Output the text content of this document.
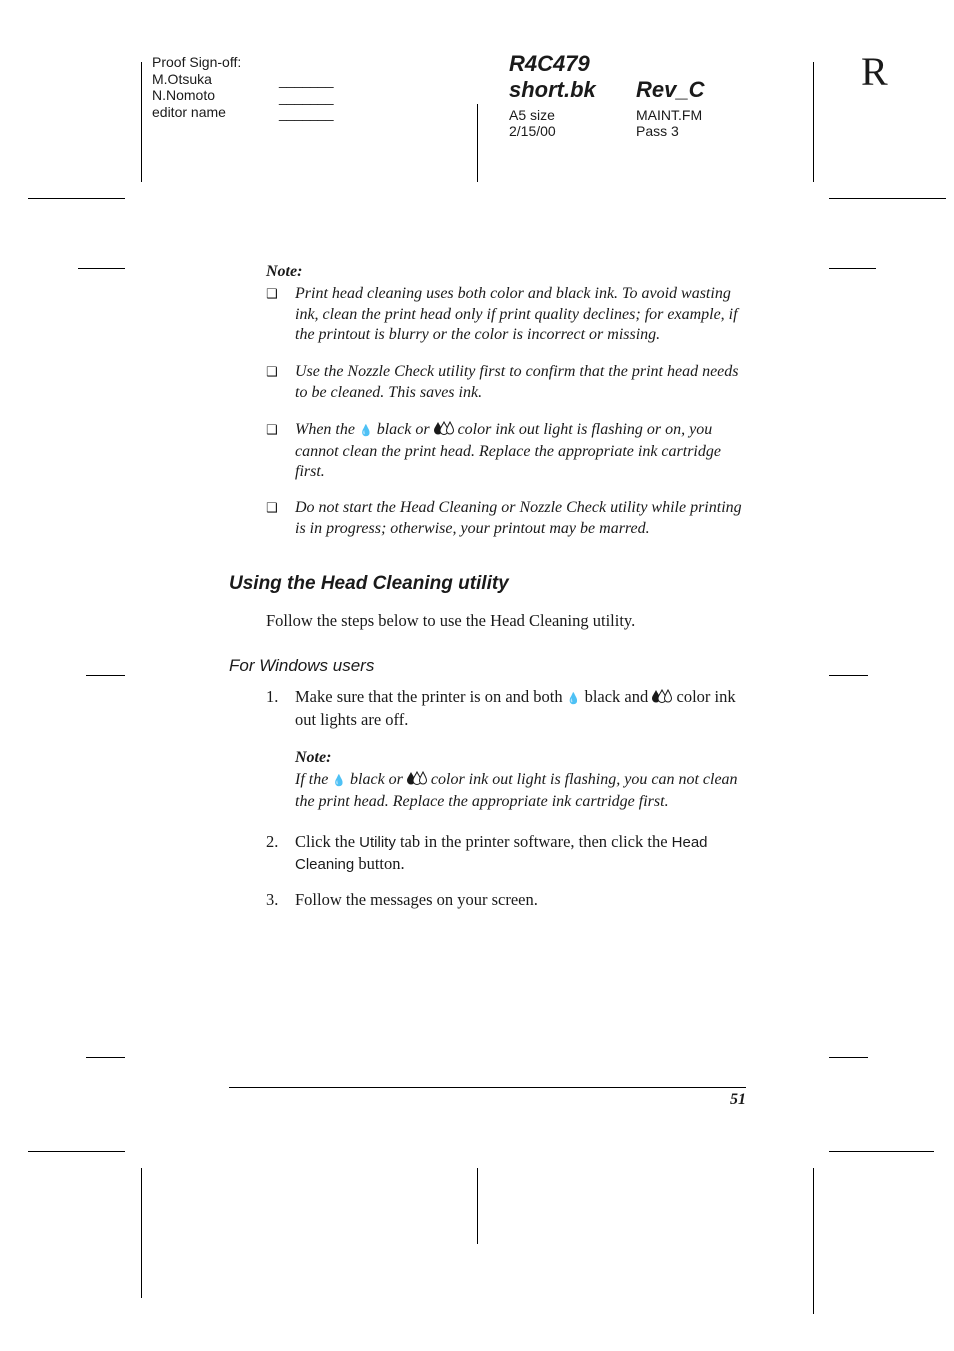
Proof Sign-off:
M.Otsuka
N.Nomoto
editor name
_______
_______
_______
R4C479
short.bk Rev_C
A5 size
2/15/00
MAINT.FM
Pass 3
R
Note:
❑ Print head cleaning uses both color and black ink. To avoid wasting ink, clean the print head only if print quality declines; for example, if the printout is blurry or the color is incorrect or missing.
❑ Use the Nozzle Check utility first to confirm that the print head needs to be cleaned. This saves ink.
❑ When the 💧 black or color ink out light is flashing or on, you cannot clean the print head. Replace the appropriate ink cartridge first.
❑ Do not start the Head Cleaning or Nozzle Check utility while printing is in progress; otherwise, your printout may be marred.
Using the Head Cleaning utility
Follow the steps below to use the Head Cleaning utility.
For Windows users
1. Make sure that the printer is on and both 💧 black and color ink out lights are off.
Note:
If the 💧 black or color ink out light is flashing, you can not clean the print head. Replace the appropriate ink cartridge first.
2. Click the Utility tab in the printer software, then click the Head Cleaning button.
3. Follow the messages on your screen.
51
